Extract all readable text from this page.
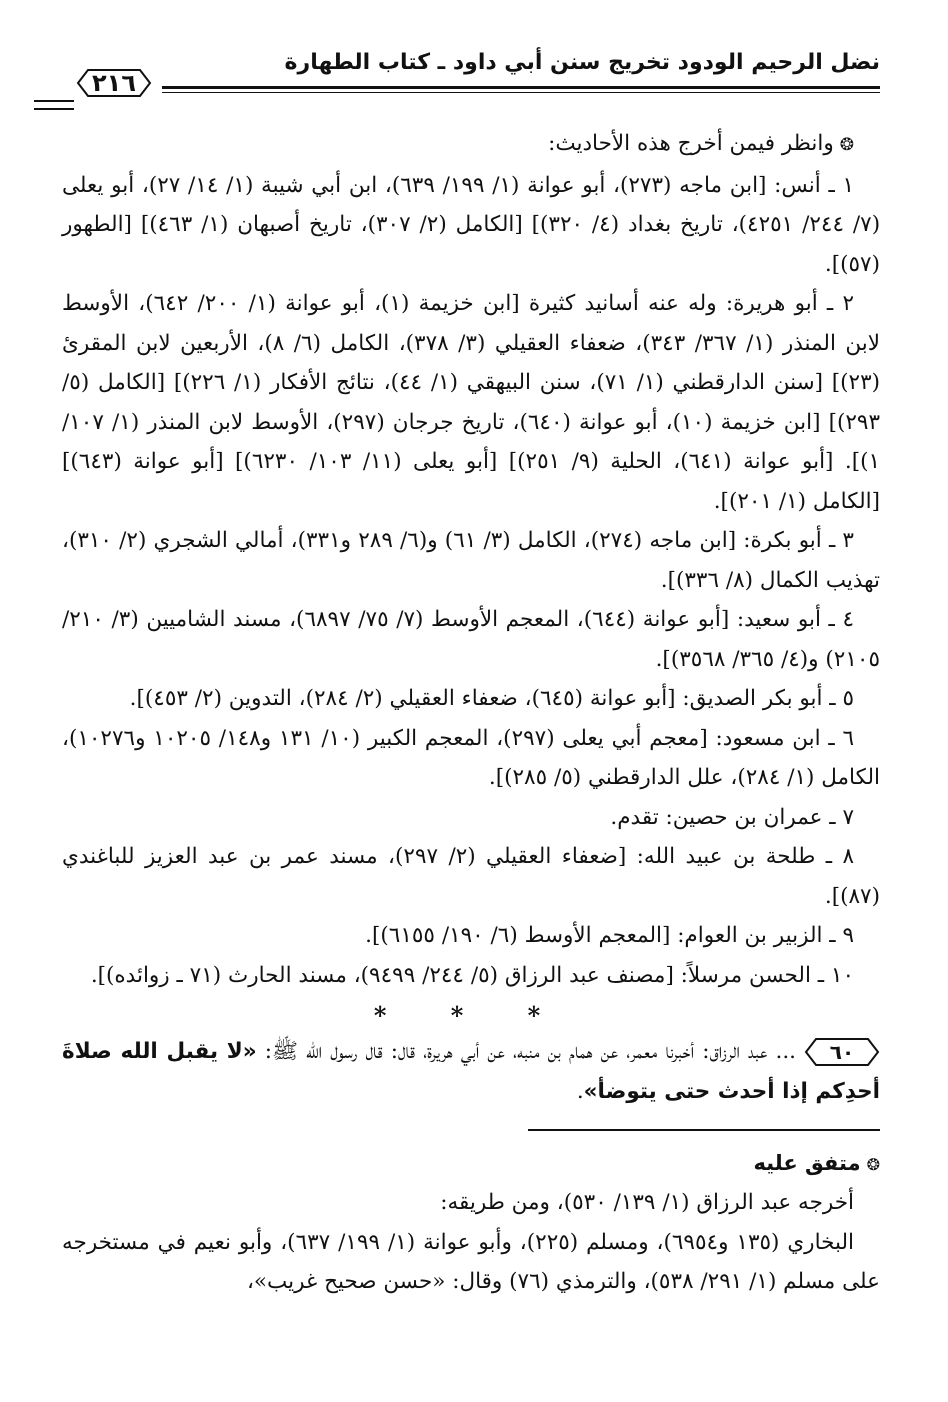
نضل الرحيم الودود تخريج سنن أبي داود ـ كتاب الطهارة
٢١٦

❂وانظر فيمن أخرج هذه الأحاديث:

١ ـ أنس: [ابن ماجه (٢٧٣)، أبو عوانة (١/ ١٩٩/ ٦٣٩)، ابن أبي شيبة (١/ ١٤/ ٢٧)، أبو يعلى (٧/ ٢٤٤/ ٤٢٥١)، تاريخ بغداد (٤/ ٣٢٠)] [الكامل (٢/ ٣٠٧)، تاريخ أصبهان (١/ ٤٦٣)] [الطهور (٥٧)].

٢ ـ أبو هريرة: وله عنه أسانيد كثيرة [ابن خزيمة (١)، أبو عوانة (١/ ٢٠٠/ ٦٤٢)، الأوسط لابن المنذر (١/ ٣٦٧/ ٣٤٣)، ضعفاء العقيلي (٣/ ٣٧٨)، الكامل (٦/ ٨)، الأربعين لابن المقرئ (٢٣)] [سنن الدارقطني (١/ ٧١)، سنن البيهقي (١/ ٤٤)، نتائج الأفكار (١/ ٢٢٦)] [الكامل (٥/ ٢٩٣)] [ابن خزيمة (١٠)، أبو عوانة (٦٤٠)، تاريخ جرجان (٢٩٧)، الأوسط لابن المنذر (١/ ١٠٧/ ١)]. [أبو عوانة (٦٤١)، الحلية (٩/ ٢٥١)] [أبو يعلى (١١/ ١٠٣/ ٦٢٣٠)] [أبو عوانة (٦٤٣)] [الكامل (١/ ٢٠١)].

٣ ـ أبو بكرة: [ابن ماجه (٢٧٤)، الكامل (٣/ ٦١) و(٦/ ٢٨٩ و٣٣١)، أمالي الشجري (٢/ ٣١٠)، تهذيب الكمال (٨/ ٣٣٦)].

٤ ـ أبو سعيد: [أبو عوانة (٦٤٤)، المعجم الأوسط (٧/ ٧٥/ ٦٨٩٧)، مسند الشاميين (٣/ ٢١٠/ ٢١٠٥) و(٤/ ٣٦٥/ ٣٥٦٨)].

٥ ـ أبو بكر الصديق: [أبو عوانة (٦٤٥)، ضعفاء العقيلي (٢/ ٢٨٤)، التدوين (٢/ ٤٥٣)].

٦ ـ ابن مسعود: [معجم أبي يعلى (٢٩٧)، المعجم الكبير (١٠/ ١٣١ و١٤٨/ ١٠٢٠٥ و١٠٢٧٦)، الكامل (١/ ٢٨٤)، علل الدارقطني (٥/ ٢٨٥)].

٧ ـ عمران بن حصين: تقدم.

٨ ـ طلحة بن عبيد الله: [ضعفاء العقيلي (٢/ ٢٩٧)، مسند عمر بن عبد العزيز للباغندي (٨٧)].

٩ ـ الزبير بن العوام: [المعجم الأوسط (٦/ ١٩٠/ ٦١٥٥)].

١٠ ـ الحسن مرسلاً: [مصنف عبد الرزاق (٥/ ٢٤٤/ ٩٤٩٩)، مسند الحارث (٧١ ـ زوائده)].

* * *

٦٠... عبد الرزاق: أخبرنا معمر، عن همام بن منبه، عن أبي هريرة، قال: قال رسول الله ﷺ: «لا يقبل الله صلاةَ أحدِكم إذا أحدث حتى يتوضأ».

❂متفق عليه

أخرجه عبد الرزاق (١/ ١٣٩/ ٥٣٠)، ومن طريقه:

البخاري (١٣٥ و٦٩٥٤)، ومسلم (٢٢٥)، وأبو عوانة (١/ ١٩٩/ ٦٣٧)، وأبو نعيم في مستخرجه على مسلم (١/ ٢٩١/ ٥٣٨)، والترمذي (٧٦) وقال: «حسن صحيح غريب»،
